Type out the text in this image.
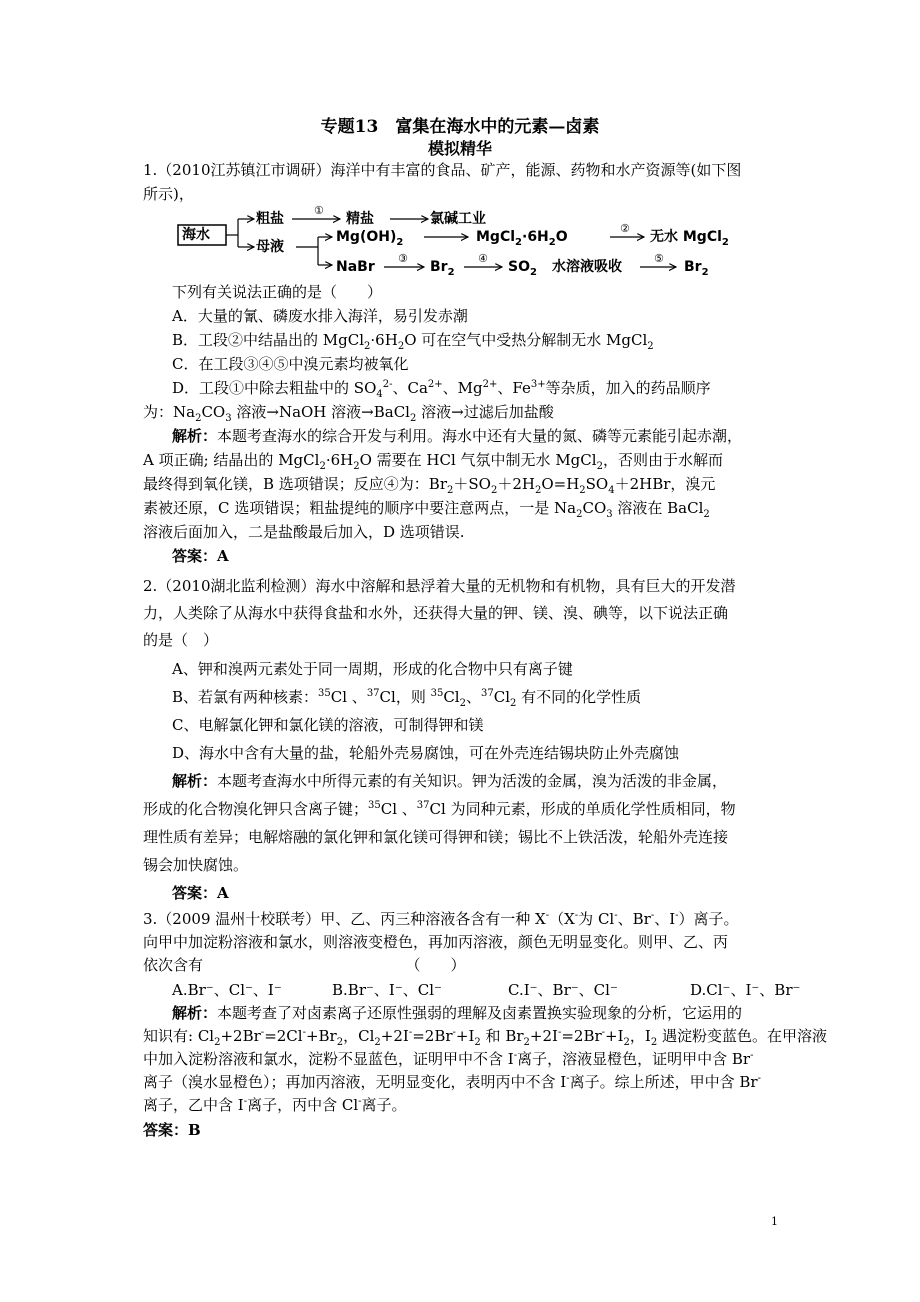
专题13　富集在海水中的元素—卤素
模拟精华
1.（2010江苏镇江市调研）海洋中有丰富的食品、矿产，能源、药物和水产资源等(如下图
所示)，
海水
粗盐
①
精盐	氯碱工业
母液
$Mg(OH)_2$	$MgCl_2\cdot 6H_2O$
②
无水 MgCl$_2$
NaBr
③
$Br_2$
④
$SO_2$ 水溶液吸收
⑤
$Br_2$
下列有关说法正确的是（　　）
A．大量的氰、磷废水排入海洋，易引发赤潮
B．工段②中结晶出的 $MgCl_2\cdot 6H_2O$ 可在空气中受热分解制无水 MgCl$_2$
C．在工段③④⑤中溴元素均被氧化
D．工段①中除去粗盐中的 $SO_4^{2-}$、$Ca^{2+}$、$Mg^{2+}$、$Fe^{3+}$等杂质，加入的药品顺序
为：$Na_2CO_3$ 溶液→NaOH 溶液→BaCl$_2$ 溶液→过滤后加盐酸
解析：本题考查海水的综合开发与利用。海水中还有大量的氮、磷等元素能引起赤潮，
A 项正确; 结晶出的 $MgCl_2\cdot 6H_2O$ 需要在 HCl 气氛中制无水 MgCl$_2$，否则由于水解而
最终得到氧化镁，B 选项错误；反应④为：$Br_2+SO_2+2H_2O=H_2SO_4+2HBr$，溴元
素被还原，C 选项错误；粗盐提纯的顺序中要注意两点，一是 $Na_2CO_3$ 溶液在 BaCl$_2$
溶液后面加入，二是盐酸最后加入，D 选项错误.
答案：A
2.（2010湖北监利检测）海水中溶解和悬浮着大量的无机物和有机物，具有巨大的开发潜
力，人类除了从海水中获得食盐和水外，还获得大量的钾、镁、溴、碘等，以下说法正确
的是（　）
A、钾和溴两元素处于同一周期，形成的化合物中只有离子键
B、若氯有两种核素：$^{35}$Cl 、$^{37}$Cl，则 $^{35}Cl_2$、$^{37}Cl_2$ 有不同的化学性质
C、电解氯化钾和氯化镁的溶液，可制得钾和镁
D、海水中含有大量的盐，轮船外壳易腐蚀，可在外壳连结锡块防止外壳腐蚀
解析：本题考查海水中所得元素的有关知识。钾为活泼的金属，溴为活泼的非金属，
形成的化合物溴化钾只含离子键；$^{35}$Cl 、$^{37}$Cl 为同种元素，形成的单质化学性质相同，物
理性质有差异；电解熔融的氯化钾和氯化镁可得钾和镁；锡比不上铁活泼，轮船外壳连接
锡会加快腐蚀。
答案：A
3.（2009 温州十校联考）甲、乙、丙三种溶液各含有一种 X-（X-为 Cl-、Br-、I-）离子。
向甲中加淀粉溶液和氯水，则溶液变橙色，再加丙溶液，颜色无明显变化。则甲、乙、丙
依次含有　　　　　　　　　　　　　　（　　）
A.Br⁻、Cl⁻、I⁻	B.Br⁻、I⁻、Cl⁻	C.I⁻、Br⁻、Cl⁻	D.Cl⁻、I⁻、Br⁻
解析：本题考查了对卤素离子还原性强弱的理解及卤素置换实验现象的分析，它运用的
知识有: $Cl_2+2Br^-=2Cl^-+Br_2$，$Cl_2+2I^-=2Br^-+I_2$ 和 $Br_2+2I^-=2Br^-+I_2$，$I_2$ 遇淀粉变蓝色。在甲溶液
中加入淀粉溶液和氯水，淀粉不显蓝色，证明甲中不含 I-离子，溶液显橙色，证明甲中含 Br-
离子（溴水显橙色）；再加丙溶液，无明显变化，表明丙中不含 I-离子。综上所述，甲中含 Br-
离子，乙中含 I-离子，丙中含 Cl-离子。
答案：B
1
